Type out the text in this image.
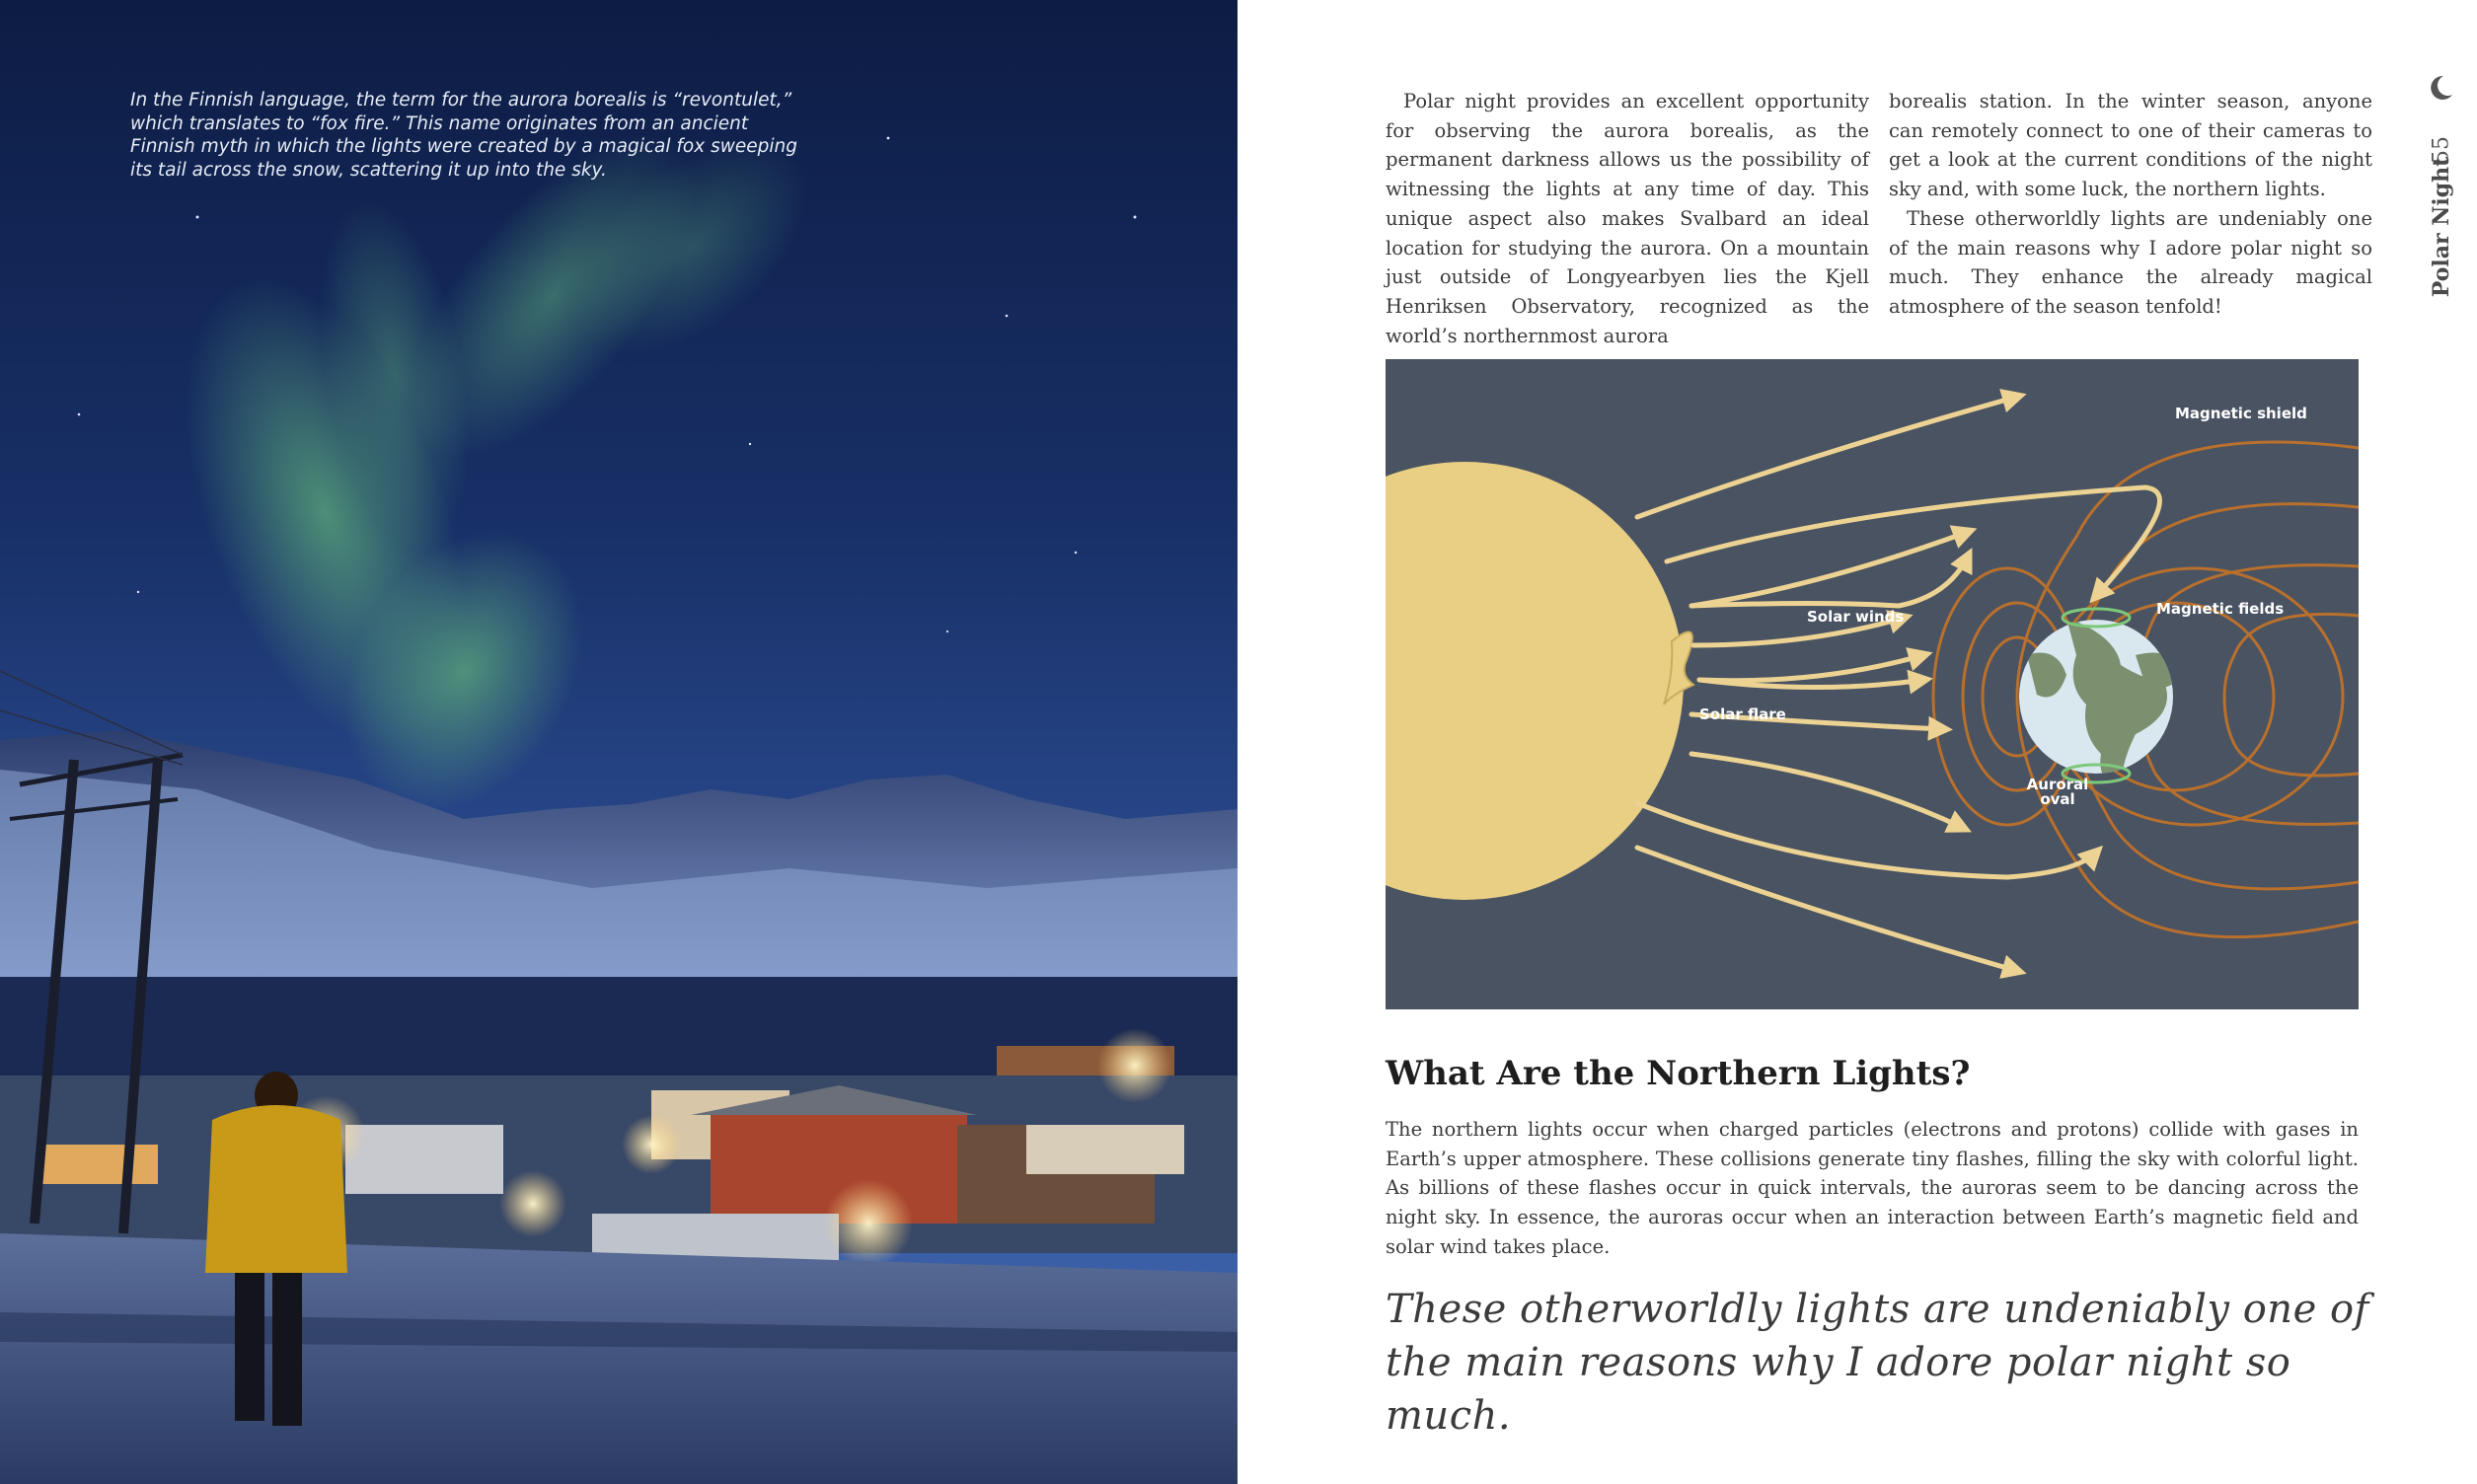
In the Finnish language, the term for the aurora borealis is “revontulet,” which translates to “fox fire.” This name originates from an ancient Finnish myth in which the lights were created by a magical fox sweeping its tail across the snow, scattering it up into the sky.

Polar night provides an excellent opportunity for observing the aurora borealis, as the permanent darkness allows us the possibility of witnessing the lights at any time of day. This unique aspect also makes Svalbard an ideal location for studying the aurora. On a mountain just outside of Longyearbyen lies the Kjell Henriksen Observatory, recognized as the world’s northernmost aurora

borealis station. In the winter season, anyone can remotely connect to one of their cameras to get a look at the current conditions of the night sky and, with some luck, the northern lights.

These otherworldly lights are undeniably one of the main reasons why I adore polar night so much. They enhance the already magical atmosphere of the season tenfold!

55
Polar Night
Magnetic shield
Magnetic fields
Solar winds
Solar flare
Auroral
oval
What Are the Northern Lights?

The northern lights occur when charged particles (electrons and protons) collide with gases in Earth’s upper atmosphere. These collisions generate tiny flashes, filling the sky with colorful light. As billions of these flashes occur in quick intervals, the auroras seem to be dancing across the night sky. In essence, the auroras occur when an interaction between Earth’s magnetic field and solar wind takes place.

These otherworldly lights are undeniably one of
the main reasons why I adore polar night so much.
